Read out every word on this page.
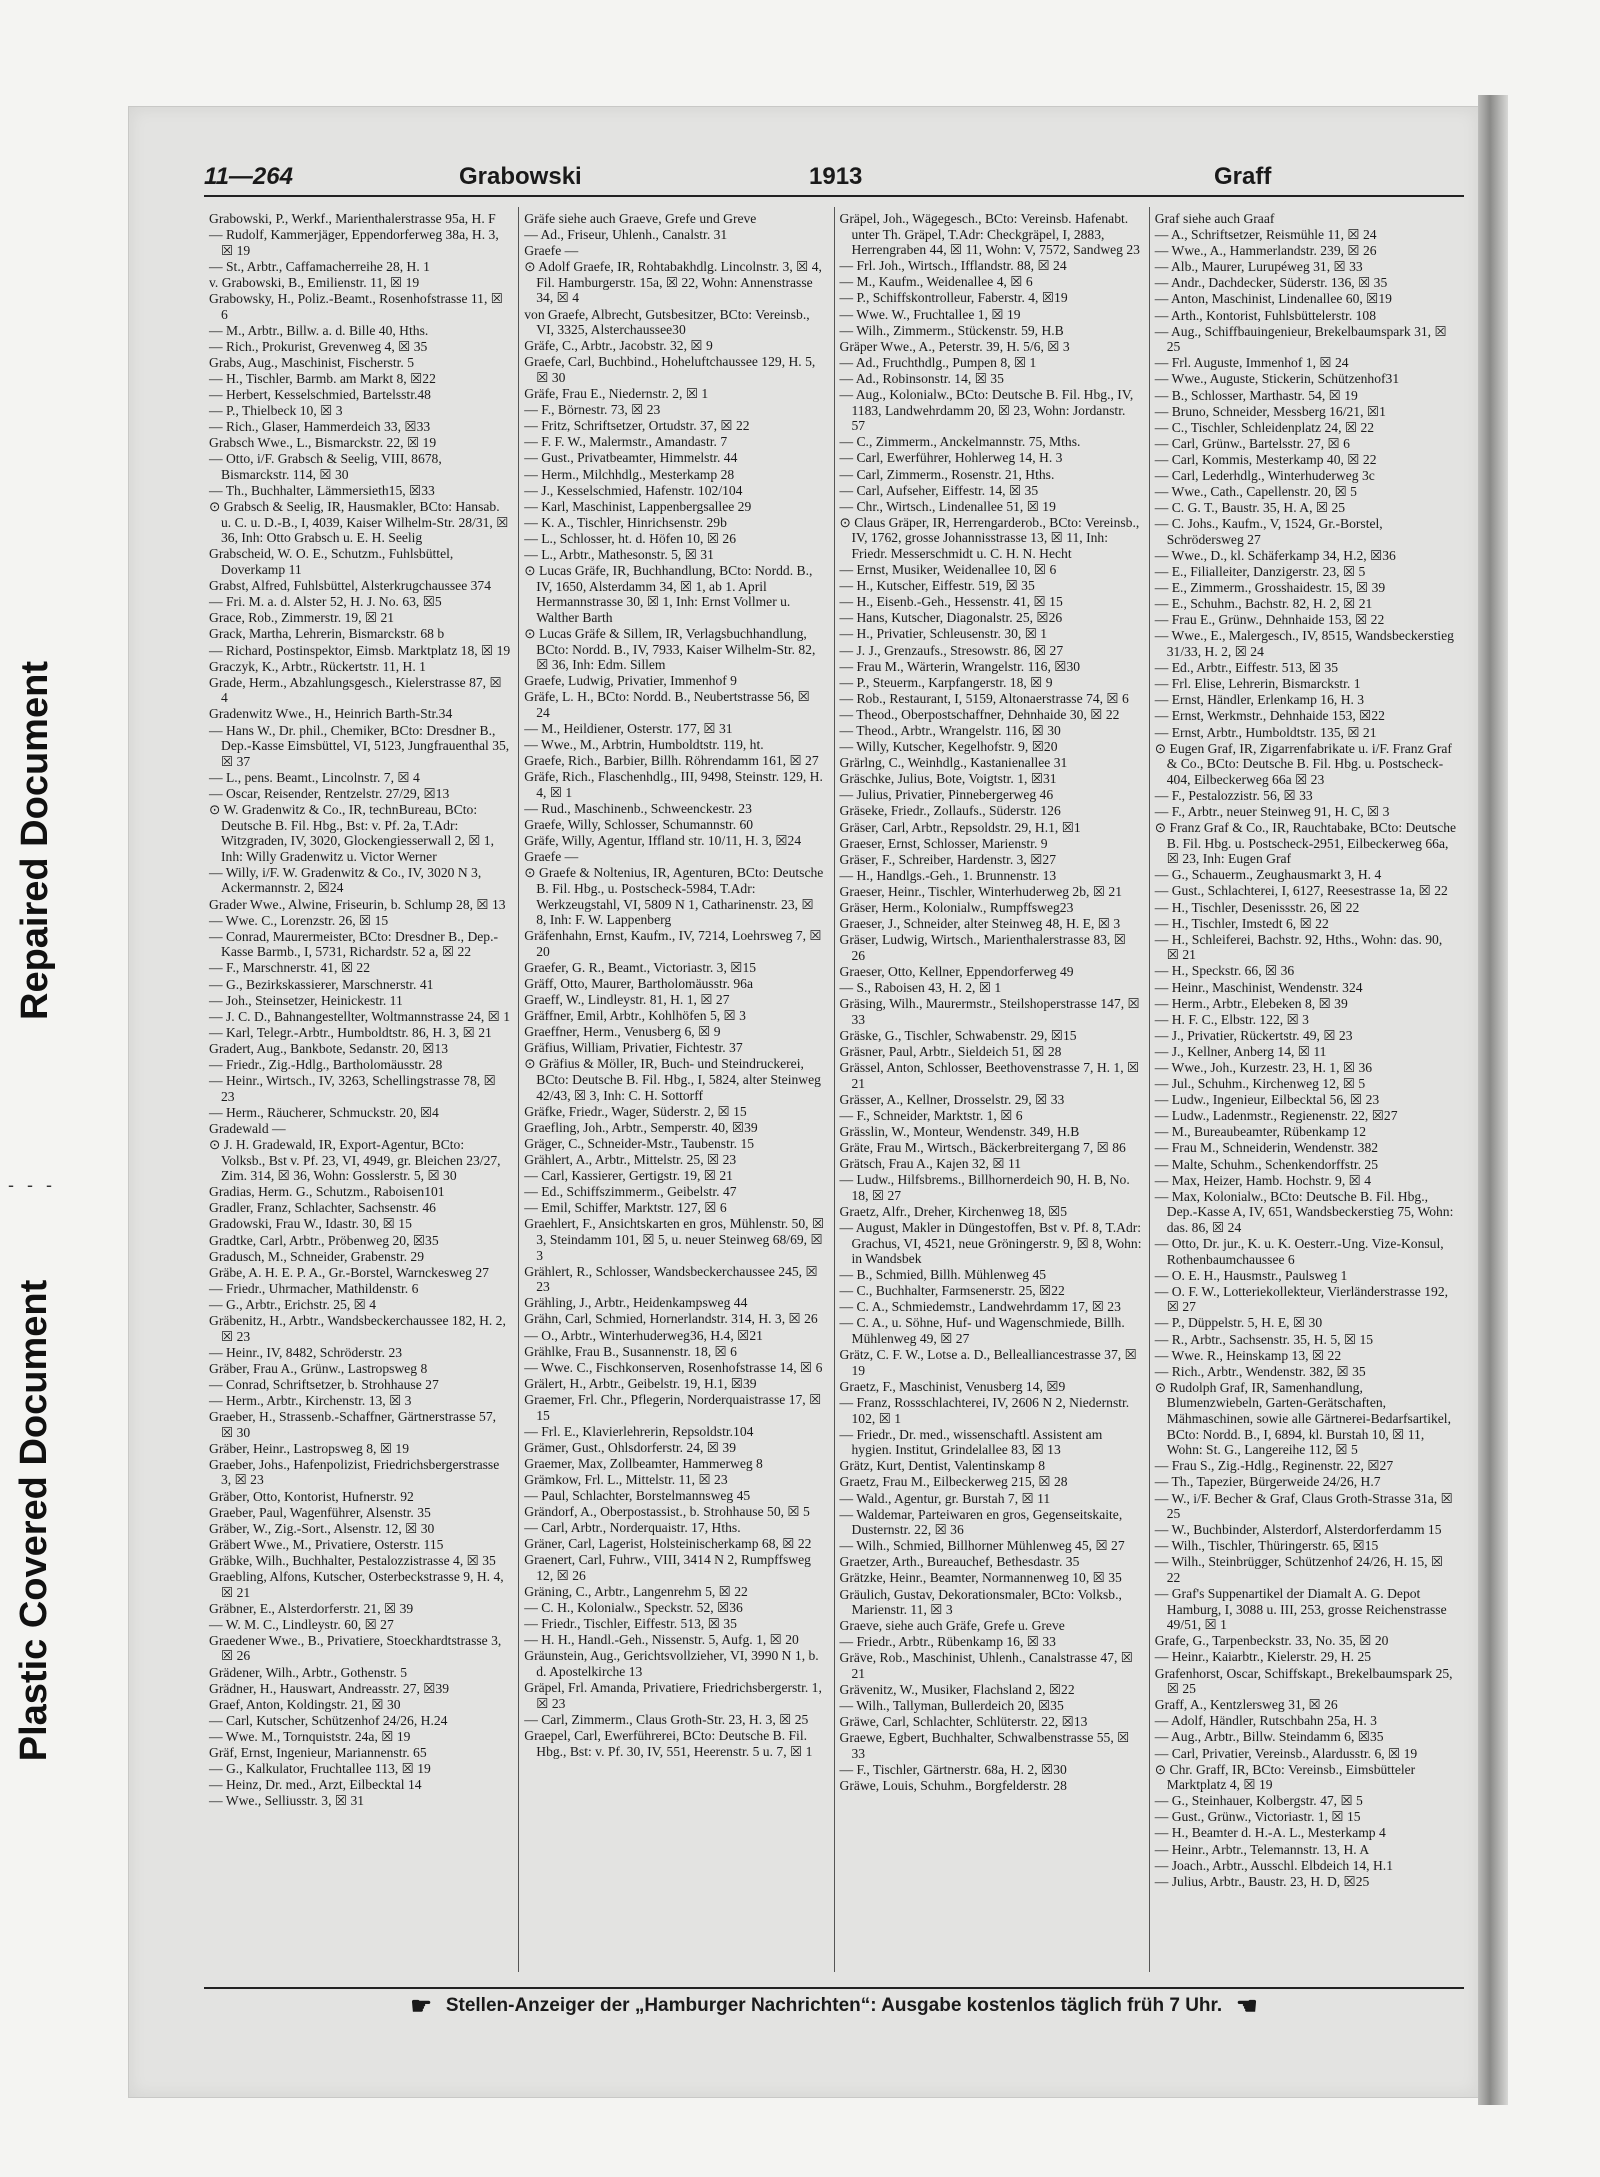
Repaired Document
- - -
Plastic Covered Document
11—264	Grabowski	1913	Graff
Grabowski, P., Werkf., Marienthalerstrasse 95a, H. F
— Rudolf, Kammerjäger, Eppendorferweg 38a, H. 3, ☒ 19
— St., Arbtr., Caffamacherreihe 28, H. 1
v. Grabowski, B., Emilienstr. 11, ☒ 19
Grabowsky, H., Poliz.-Beamt., Rosenhofstrasse 11, ☒ 6
— M., Arbtr., Billw. a. d. Bille 40, Hths.
— Rich., Prokurist, Grevenweg 4, ☒ 35
Grabs, Aug., Maschinist, Fischerstr. 5
— H., Tischler, Barmb. am Markt 8, ☒22
— Herbert, Kesselschmied, Bartelsstr.48
— P., Thielbeck 10, ☒ 3
— Rich., Glaser, Hammerdeich 33, ☒33
Grabsch Wwe., L., Bismarckstr. 22, ☒ 19
— Otto, i/F. Grabsch & Seelig, VIII, 8678, Bismarckstr. 114, ☒ 30
— Th., Buchhalter, Lämmersieth15, ☒33
⊙ Grabsch & Seelig, IR, Hausmakler, BCto: Hansab. u. C. u. D.-B., I, 4039, Kaiser Wilhelm-Str. 28/31, ☒ 36, Inh: Otto Grabsch u. E. H. Seelig
Grabscheid, W. O. E., Schutzm., Fuhlsbüttel, Doverkamp 11
Grabst, Alfred, Fuhlsbüttel, Alsterkrugchaussee 374
— Fri. M. a. d. Alster 52, H. J. No. 63, ☒5
Grace, Rob., Zimmerstr. 19, ☒ 21
Grack, Martha, Lehrerin, Bismarckstr. 68 b
— Richard, Postinspektor, Eimsb. Marktplatz 18, ☒ 19
Graczyk, K., Arbtr., Rückertstr. 11, H. 1
Grade, Herm., Abzahlungsgesch., Kielerstrasse 87, ☒ 4
Gradenwitz Wwe., H., Heinrich Barth-Str.34
— Hans W., Dr. phil., Chemiker, BCto: Dresdner B., Dep.-Kasse Eimsbüttel, VI, 5123, Jungfrauenthal 35, ☒ 37
— L., pens. Beamt., Lincolnstr. 7, ☒ 4
— Oscar, Reisender, Rentzelstr. 27/29, ☒13
⊙ W. Gradenwitz & Co., IR, technBureau, BCto: Deutsche B. Fil. Hbg., Bst: v. Pf. 2a, T.Adr: Witzgraden, IV, 3020, Glockengiesserwall 2, ☒ 1, Inh: Willy Gradenwitz u. Victor Werner
— Willy, i/F. W. Gradenwitz & Co., IV, 3020 N 3, Ackermannstr. 2, ☒24
Grader Wwe., Alwine, Friseurin, b. Schlump 28, ☒ 13
— Wwe. C., Lorenzstr. 26, ☒ 15
— Conrad, Maurermeister, BCto: Dresdner B., Dep.-Kasse Barmb., I, 5731, Richardstr. 52 a, ☒ 22
— F., Marschnerstr. 41, ☒ 22
— G., Bezirkskassierer, Marschnerstr. 41
— Joh., Steinsetzer, Heinickestr. 11
— J. C. D., Bahnangestellter, Woltmannstrasse 24, ☒ 1
— Karl, Telegr.-Arbtr., Humboldtstr. 86, H. 3, ☒ 21
Gradert, Aug., Bankbote, Sedanstr. 20, ☒13
— Friedr., Zig.-Hdlg., Bartholomäusstr. 28
— Heinr., Wirtsch., IV, 3263, Schellingstrasse 78, ☒ 23
— Herm., Räucherer, Schmuckstr. 20, ☒4
Gradewald —
⊙ J. H. Gradewald, IR, Export-Agentur, BCto: Volksb., Bst v. Pf. 23, VI, 4949, gr. Bleichen 23/27, Zim. 314, ☒ 36, Wohn: Gosslerstr. 5, ☒ 30
Gradias, Herm. G., Schutzm., Raboisen101
Gradler, Franz, Schlachter, Sachsenstr. 46
Gradowski, Frau W., Idastr. 30, ☒ 15
Gradtke, Carl, Arbtr., Pröbenweg 20, ☒35
Gradusch, M., Schneider, Grabenstr. 29
Gräbe, A. H. E. P. A., Gr.-Borstel, Warnckesweg 27
— Friedr., Uhrmacher, Mathildenstr. 6
— G., Arbtr., Erichstr. 25, ☒ 4
Gräbenitz, H., Arbtr., Wandsbeckerchaussee 182, H. 2, ☒ 23
— Heinr., IV, 8482, Schröderstr. 23
Gräber, Frau A., Grünw., Lastropsweg 8
— Conrad, Schriftsetzer, b. Strohhause 27
— Herm., Arbtr., Kirchenstr. 13, ☒ 3
Graeber, H., Strassenb.-Schaffner, Gärtnerstrasse 57, ☒ 30
Gräber, Heinr., Lastropsweg 8, ☒ 19
Graeber, Johs., Hafenpolizist, Friedrichsbergerstrasse 3, ☒ 23
Gräber, Otto, Kontorist, Hufnerstr. 92
Graeber, Paul, Wagenführer, Alsenstr. 35
Gräber, W., Zig.-Sort., Alsenstr. 12, ☒ 30
Gräbert Wwe., M., Privatiere, Osterstr. 115
Gräbke, Wilh., Buchhalter, Pestalozzistrasse 4, ☒ 35
Graebling, Alfons, Kutscher, Osterbeckstrasse 9, H. 4, ☒ 21
Gräbner, E., Alsterdorferstr. 21, ☒ 39
— W. M. C., Lindleystr. 60, ☒ 27
Graedener Wwe., B., Privatiere, Stoeckhardtstrasse 3, ☒ 26
Grädener, Wilh., Arbtr., Gothenstr. 5
Grädner, H., Hauswart, Andreasstr. 27, ☒39
Graef, Anton, Koldingstr. 21, ☒ 30
— Carl, Kutscher, Schützenhof 24/26, H.24
— Wwe. M., Tornquiststr. 24a, ☒ 19
Gräf, Ernst, Ingenieur, Mariannenstr. 65
— G., Kalkulator, Fruchtallee 113, ☒ 19
— Heinz, Dr. med., Arzt, Eilbecktal 14
— Wwe., Selliusstr. 3, ☒ 31
Gräfe siehe auch Graeve, Grefe und Greve
— Ad., Friseur, Uhlenh., Canalstr. 31
Graefe —
⊙ Adolf Graefe, IR, Rohtabakhdlg. Lincolnstr. 3, ☒ 4, Fil. Hamburgerstr. 15a, ☒ 22, Wohn: Annenstrasse 34, ☒ 4
von Graefe, Albrecht, Gutsbesitzer, BCto: Vereinsb., VI, 3325, Alsterchaussee30
Gräfe, C., Arbtr., Jacobstr. 32, ☒ 9
Graefe, Carl, Buchbind., Hoheluftchaussee 129, H. 5, ☒ 30
Gräfe, Frau E., Niedernstr. 2, ☒ 1
— F., Börnestr. 73, ☒ 23
— Fritz, Schriftsetzer, Ortudstr. 37, ☒ 22
— F. F. W., Malermstr., Amandastr. 7
— Gust., Privatbeamter, Himmelstr. 44
— Herm., Milchhdlg., Mesterkamp 28
— J., Kesselschmied, Hafenstr. 102/104
— Karl, Maschinist, Lappenbergsallee 29
— K. A., Tischler, Hinrichsenstr. 29b
— L., Schlosser, ht. d. Höfen 10, ☒ 26
— L., Arbtr., Mathesonstr. 5, ☒ 31
⊙ Lucas Gräfe, IR, Buchhandlung, BCto: Nordd. B., IV, 1650, Alsterdamm 34, ☒ 1, ab 1. April Hermannstrasse 30, ☒ 1, Inh: Ernst Vollmer u. Walther Barth
⊙ Lucas Gräfe & Sillem, IR, Verlagsbuchhandlung, BCto: Nordd. B., IV, 7933, Kaiser Wilhelm-Str. 82, ☒ 36, Inh: Edm. Sillem
Graefe, Ludwig, Privatier, Immenhof 9
Gräfe, L. H., BCto: Nordd. B., Neubertstrasse 56, ☒ 24
— M., Heildiener, Osterstr. 177, ☒ 31
— Wwe., M., Arbtrin, Humboldtstr. 119, ht.
Graefe, Rich., Barbier, Billh. Röhrendamm 161, ☒ 27
Gräfe, Rich., Flaschenhdlg., III, 9498, Steinstr. 129, H. 4, ☒ 1
— Rud., Maschinenb., Schweenckestr. 23
Graefe, Willy, Schlosser, Schumannstr. 60
Gräfe, Willy, Agentur, Iffland str. 10/11, H. 3, ☒24
Graefe —
⊙ Graefe & Noltenius, IR, Agenturen, BCto: Deutsche B. Fil. Hbg., u. Postscheck-5984, T.Adr: Werkzeugstahl, VI, 5809 N 1, Catharinenstr. 23, ☒ 8, Inh: F. W. Lappenberg
Gräfenhahn, Ernst, Kaufm., IV, 7214, Loehrsweg 7, ☒ 20
Graefer, G. R., Beamt., Victoriastr. 3, ☒15
Gräff, Otto, Maurer, Bartholomäusstr. 96a
Graeff, W., Lindleystr. 81, H. 1, ☒ 27
Gräffner, Emil, Arbtr., Kohlhöfen 5, ☒ 3
Graeffner, Herm., Venusberg 6, ☒ 9
Gräfius, William, Privatier, Fichtestr. 37
⊙ Gräfius & Möller, IR, Buch- und Steindruckerei, BCto: Deutsche B. Fil. Hbg., I, 5824, alter Steinweg 42/43, ☒ 3, Inh: C. H. Sottorff
Gräfke, Friedr., Wager, Süderstr. 2, ☒ 15
Graefling, Joh., Arbtr., Semperstr. 40, ☒39
Gräger, C., Schneider-Mstr., Taubenstr. 15
Grählert, A., Arbtr., Mittelstr. 25, ☒ 23
— Carl, Kassierer, Gertigstr. 19, ☒ 21
— Ed., Schiffszimmerm., Geibelstr. 47
— Emil, Schiffer, Marktstr. 127, ☒ 6
Graehlert, F., Ansichtskarten en gros, Mühlenstr. 50, ☒ 3, Steindamm 101, ☒ 5, u. neuer Steinweg 68/69, ☒ 3
Grählert, R., Schlosser, Wandsbeckerchaussee 245, ☒ 23
Grähling, J., Arbtr., Heidenkampsweg 44
Grähn, Carl, Schmied, Hornerlandstr. 314, H. 3, ☒ 26
— O., Arbtr., Winterhuderweg36, H.4, ☒21
Grählke, Frau B., Susannenstr. 18, ☒ 6
— Wwe. C., Fischkonserven, Rosenhofstrasse 14, ☒ 6
Grälert, H., Arbtr., Geibelstr. 19, H.1, ☒39
Graemer, Frl. Chr., Pflegerin, Norderquaistrasse 17, ☒ 15
— Frl. E., Klavierlehrerin, Repsoldstr.104
Grämer, Gust., Ohlsdorferstr. 24, ☒ 39
Graemer, Max, Zollbeamter, Hammerweg 8
Grämkow, Frl. L., Mittelstr. 11, ☒ 23
— Paul, Schlachter, Borstelmannsweg 45
Grändorf, A., Oberpostassist., b. Strohhause 50, ☒ 5
— Carl, Arbtr., Norderquaistr. 17, Hths.
Gräner, Carl, Lagerist, Holsteinischerkamp 68, ☒ 22
Graenert, Carl, Fuhrw., VIII, 3414 N 2, Rumpffsweg 12, ☒ 26
Gräning, C., Arbtr., Langenrehm 5, ☒ 22
— C. H., Kolonialw., Speckstr. 52, ☒36
— Friedr., Tischler, Eiffestr. 513, ☒ 35
— H. H., Handl.-Geh., Nissenstr. 5, Aufg. 1, ☒ 20
Gräunstein, Aug., Gerichtsvollzieher, VI, 3990 N 1, b. d. Apostelkirche 13
Gräpel, Frl. Amanda, Privatiere, Friedrichsbergerstr. 1, ☒ 23
— Carl, Zimmerm., Claus Groth-Str. 23, H. 3, ☒ 25
Graepel, Carl, Ewerführerei, BCto: Deutsche B. Fil. Hbg., Bst: v. Pf. 30, IV, 551, Heerenstr. 5 u. 7, ☒ 1
Gräpel, Joh., Wägegesch., BCto: Vereinsb. Hafenabt. unter Th. Gräpel, T.Adr: Checkgräpel, I, 2883, Herrengraben 44, ☒ 11, Wohn: V, 7572, Sandweg 23
— Frl. Joh., Wirtsch., Ifflandstr. 88, ☒ 24
— M., Kaufm., Weidenallee 4, ☒ 6
— P., Schiffskontrolleur, Faberstr. 4, ☒19
— Wwe. W., Fruchtallee 1, ☒ 19
— Wilh., Zimmerm., Stückenstr. 59, H.B
Gräper Wwe., A., Peterstr. 39, H. 5/6, ☒ 3
— Ad., Fruchthdlg., Pumpen 8, ☒ 1
— Ad., Robinsonstr. 14, ☒ 35
— Aug., Kolonialw., BCto: Deutsche B. Fil. Hbg., IV, 1183, Landwehrdamm 20, ☒ 23, Wohn: Jordanstr. 57
— C., Zimmerm., Anckelmannstr. 75, Mths.
— Carl, Ewerführer, Hohlerweg 14, H. 3
— Carl, Zimmerm., Rosenstr. 21, Hths.
— Carl, Aufseher, Eiffestr. 14, ☒ 35
— Chr., Wirtsch., Lindenallee 51, ☒ 19
⊙ Claus Gräper, IR, Herrengarderob., BCto: Vereinsb., IV, 1762, grosse Johannisstrasse 13, ☒ 11, Inh: Friedr. Messerschmidt u. C. H. N. Hecht
— Ernst, Musiker, Weidenallee 10, ☒ 6
— H., Kutscher, Eiffestr. 519, ☒ 35
— H., Eisenb.-Geh., Hessenstr. 41, ☒ 15
— Hans, Kutscher, Diagonalstr. 25, ☒26
— H., Privatier, Schleusenstr. 30, ☒ 1
— J. J., Grenzaufs., Stresowstr. 86, ☒ 27
— Frau M., Wärterin, Wrangelstr. 116, ☒30
— P., Steuerm., Karpfangerstr. 18, ☒ 9
— Rob., Restaurant, I, 5159, Altonaerstrasse 74, ☒ 6
— Theod., Oberpostschaffner, Dehnhaide 30, ☒ 22
— Theod., Arbtr., Wrangelstr. 116, ☒ 30
— Willy, Kutscher, Kegelhofstr. 9, ☒20
Grärlng, C., Weinhdlg., Kastanienallee 31
Gräschke, Julius, Bote, Voigtstr. 1, ☒31
— Julius, Privatier, Pinnebergerweg 46
Gräseke, Friedr., Zollaufs., Süderstr. 126
Gräser, Carl, Arbtr., Repsoldstr. 29, H.1, ☒1
Graeser, Ernst, Schlosser, Marienstr. 9
Gräser, F., Schreiber, Hardenstr. 3, ☒27
— H., Handlgs.-Geh., 1. Brunnenstr. 13
Graeser, Heinr., Tischler, Winterhuderweg 2b, ☒ 21
Gräser, Herm., Kolonialw., Rumpffsweg23
Graeser, J., Schneider, alter Steinweg 48, H. E, ☒ 3
Gräser, Ludwig, Wirtsch., Marienthalerstrasse 83, ☒ 26
Graeser, Otto, Kellner, Eppendorferweg 49
— S., Raboisen 43, H. 2, ☒ 1
Gräsing, Wilh., Maurermstr., Steilshoperstrasse 147, ☒ 33
Gräske, G., Tischler, Schwabenstr. 29, ☒15
Gräsner, Paul, Arbtr., Sieldeich 51, ☒ 28
Grässel, Anton, Schlosser, Beethovenstrasse 7, H. 1, ☒ 21
Grässer, A., Kellner, Drosselstr. 29, ☒ 33
— F., Schneider, Marktstr. 1, ☒ 6
Grässlin, W., Monteur, Wendenstr. 349, H.B
Gräte, Frau M., Wirtsch., Bäckerbreitergang 7, ☒ 86
Grätsch, Frau A., Kajen 32, ☒ 11
— Ludw., Hilfsbrems., Billhornerdeich 90, H. B, No. 18, ☒ 27
Graetz, Alfr., Dreher, Kirchenweg 18, ☒5
— August, Makler in Düngestoffen, Bst v. Pf. 8, T.Adr: Grachus, VI, 4521, neue Gröningerstr. 9, ☒ 8, Wohn: in Wandsbek
— B., Schmied, Billh. Mühlenweg 45
— C., Buchhalter, Farmsenerstr. 25, ☒22
— C. A., Schmiedemstr., Landwehrdamm 17, ☒ 23
— C. A., u. Söhne, Huf- und Wagenschmiede, Billh. Mühlenweg 49, ☒ 27
Grätz, C. F. W., Lotse a. D., Bellealliancestrasse 37, ☒ 19
Graetz, F., Maschinist, Venusberg 14, ☒9
— Franz, Rossschlachterei, IV, 2606 N 2, Niedernstr. 102, ☒ 1
— Friedr., Dr. med., wissenschaftl. Assistent am hygien. Institut, Grindelallee 83, ☒ 13
Grätz, Kurt, Dentist, Valentinskamp 8
Graetz, Frau M., Eilbeckerweg 215, ☒ 28
— Wald., Agentur, gr. Burstah 7, ☒ 11
— Waldemar, Parteiwaren en gros, Gegenseitskaite, Dusternstr. 22, ☒ 36
— Wilh., Schmied, Billhorner Mühlenweg 45, ☒ 27
Graetzer, Arth., Bureauchef, Bethesdastr. 35
Grätzke, Heinr., Beamter, Normannenweg 10, ☒ 35
Gräulich, Gustav, Dekorationsmaler, BCto: Volksb., Marienstr. 11, ☒ 3
Graeve, siehe auch Gräfe, Grefe u. Greve
— Friedr., Arbtr., Rübenkamp 16, ☒ 33
Gräve, Rob., Maschinist, Uhlenh., Canalstrasse 47, ☒ 21
Grävenitz, W., Musiker, Flachsland 2, ☒22
— Wilh., Tallyman, Bullerdeich 20, ☒35
Gräwe, Carl, Schlachter, Schlüterstr. 22, ☒13
Graewe, Egbert, Buchhalter, Schwalbenstrasse 55, ☒ 33
— F., Tischler, Gärtnerstr. 68a, H. 2, ☒30
Gräwe, Louis, Schuhm., Borgfelderstr. 28
Graf siehe auch Graaf
— A., Schriftsetzer, Reismühle 11, ☒ 24
— Wwe., A., Hammerlandstr. 239, ☒ 26
— Alb., Maurer, Lurupéweg 31, ☒ 33
— Andr., Dachdecker, Süderstr. 136, ☒ 35
— Anton, Maschinist, Lindenallee 60, ☒19
— Arth., Kontorist, Fuhlsbüttelerstr. 108
— Aug., Schiffbauingenieur, Brekelbaumspark 31, ☒ 25
— Frl. Auguste, Immenhof 1, ☒ 24
— Wwe., Auguste, Stickerin, Schützenhof31
— B., Schlosser, Marthastr. 54, ☒ 19
— Bruno, Schneider, Messberg 16/21, ☒1
— C., Tischler, Schleidenplatz 24, ☒ 22
— Carl, Grünw., Bartelsstr. 27, ☒ 6
— Carl, Kommis, Mesterkamp 40, ☒ 22
— Carl, Lederhdlg., Winterhuderweg 3c
— Wwe., Cath., Capellenstr. 20, ☒ 5
— C. G. T., Baustr. 35, H. A, ☒ 25
— C. Johs., Kaufm., V, 1524, Gr.-Borstel, Schrödersweg 27
— Wwe., D., kl. Schäferkamp 34, H.2, ☒36
— E., Filialleiter, Danzigerstr. 23, ☒ 5
— E., Zimmerm., Grosshaidestr. 15, ☒ 39
— E., Schuhm., Bachstr. 82, H. 2, ☒ 21
— Frau E., Grünw., Dehnhaide 153, ☒ 22
— Wwe., E., Malergesch., IV, 8515, Wandsbeckerstieg 31/33, H. 2, ☒ 24
— Ed., Arbtr., Eiffestr. 513, ☒ 35
— Frl. Elise, Lehrerin, Bismarckstr. 1
— Ernst, Händler, Erlenkamp 16, H. 3
— Ernst, Werkmstr., Dehnhaide 153, ☒22
— Ernst, Arbtr., Humboldtstr. 135, ☒ 21
⊙ Eugen Graf, IR, Zigarrenfabrikate u. i/F. Franz Graf & Co., BCto: Deutsche B. Fil. Hbg. u. Postscheck-404, Eilbeckerweg 66a ☒ 23
— F., Pestalozzistr. 56, ☒ 33
— F., Arbtr., neuer Steinweg 91, H. C, ☒ 3
⊙ Franz Graf & Co., IR, Rauchtabake, BCto: Deutsche B. Fil. Hbg. u. Postscheck-2951, Eilbeckerweg 66a, ☒ 23, Inh: Eugen Graf
— G., Schauerm., Zeughausmarkt 3, H. 4
— Gust., Schlachterei, I, 6127, Reesestrasse 1a, ☒ 22
— H., Tischler, Desenissstr. 26, ☒ 22
— H., Tischler, Imstedt 6, ☒ 22
— H., Schleiferei, Bachstr. 92, Hths., Wohn: das. 90, ☒ 21
— H., Speckstr. 66, ☒ 36
— Heinr., Maschinist, Wendenstr. 324
— Herm., Arbtr., Elebeken 8, ☒ 39
— H. F. C., Elbstr. 122, ☒ 3
— J., Privatier, Rückertstr. 49, ☒ 23
— J., Kellner, Anberg 14, ☒ 11
— Wwe., Joh., Kurzestr. 23, H. 1, ☒ 36
— Jul., Schuhm., Kirchenweg 12, ☒ 5
— Ludw., Ingenieur, Eilbecktal 56, ☒ 23
— Ludw., Ladenmstr., Regienenstr. 22, ☒27
— M., Bureaubeamter, Rübenkamp 12
— Frau M., Schneiderin, Wendenstr. 382
— Malte, Schuhm., Schenkendorffstr. 25
— Max, Heizer, Hamb. Hochstr. 9, ☒ 4
— Max, Kolonialw., BCto: Deutsche B. Fil. Hbg., Dep.-Kasse A, IV, 651, Wandsbeckerstieg 75, Wohn: das. 86, ☒ 24
— Otto, Dr. jur., K. u. K. Oesterr.-Ung. Vize-Konsul, Rothenbaumchaussee 6
— O. E. H., Hausmstr., Paulsweg 1
— O. F. W., Lotteriekollekteur, Vierländerstrasse 192, ☒ 27
— P., Düppelstr. 5, H. E, ☒ 30
— R., Arbtr., Sachsenstr. 35, H. 5, ☒ 15
— Wwe. R., Heinskamp 13, ☒ 22
— Rich., Arbtr., Wendenstr. 382, ☒ 35
⊙ Rudolph Graf, IR, Samenhandlung, Blumenzwiebeln, Garten-Gerätschaften, Mähmaschinen, sowie alle Gärtnerei-Bedarfsartikel, BCto: Nordd. B., I, 6894, kl. Burstah 10, ☒ 11, Wohn: St. G., Langereihe 112, ☒ 5
— Frau S., Zig.-Hdlg., Reginenstr. 22, ☒27
— Th., Tapezier, Bürgerweide 24/26, H.7
— W., i/F. Becher & Graf, Claus Groth-Strasse 31a, ☒ 25
— W., Buchbinder, Alsterdorf, Alsterdorferdamm 15
— Wilh., Tischler, Thüringerstr. 65, ☒15
— Wilh., Steinbrügger, Schützenhof 24/26, H. 15, ☒ 22
— Graf's Suppenartikel der Diamalt A. G. Depot Hamburg, I, 3088 u. III, 253, grosse Reichenstrasse 49/51, ☒ 1
Grafe, G., Tarpenbeckstr. 33, No. 35, ☒ 20
— Heinr., Kaiarbtr., Kielerstr. 29, H. 25
Grafenhorst, Oscar, Schiffskapt., Brekelbaumspark 25, ☒ 25
Graff, A., Kentzlersweg 31, ☒ 26
— Adolf, Händler, Rutschbahn 25a, H. 3
— Aug., Arbtr., Billw. Steindamm 6, ☒35
— Carl, Privatier, Vereinsb., Alardusstr. 6, ☒ 19
⊙ Chr. Graff, IR, BCto: Vereinsb., Eimsbütteler Marktplatz 4, ☒ 19
— G., Steinhauer, Kolbergstr. 47, ☒ 5
— Gust., Grünw., Victoriastr. 1, ☒ 15
— H., Beamter d. H.-A. L., Mesterkamp 4
— Heinr., Arbtr., Telemannstr. 13, H. A
— Joach., Arbtr., Ausschl. Elbdeich 14, H.1
— Julius, Arbtr., Baustr. 23, H. D, ☒25
☛ Stellen-Anzeiger der „Hamburger Nachrichten“: Ausgabe kostenlos täglich früh 7 Uhr. ☚
